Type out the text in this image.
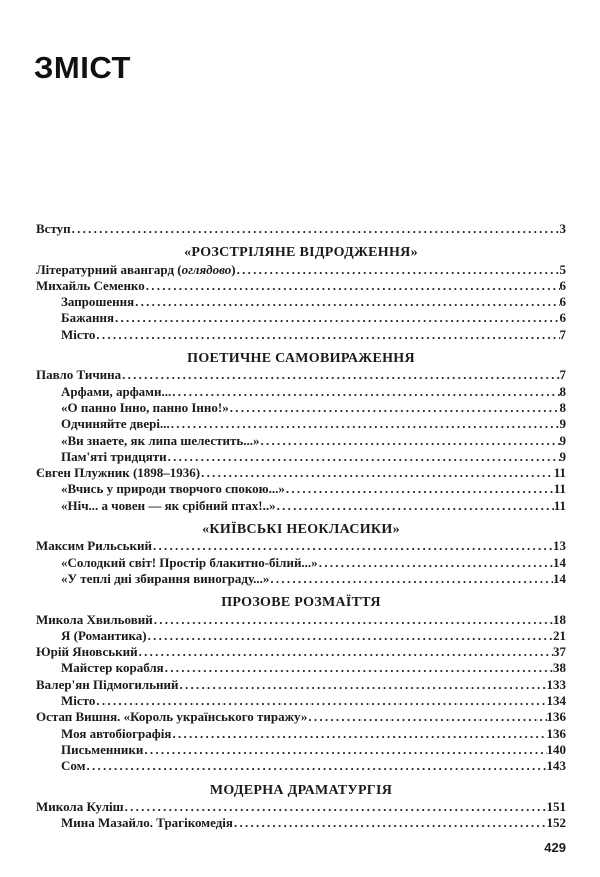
ЗМІСТ
Вступ . . .	3
«РОЗСТРІЛЯНЕ ВІДРОДЖЕННЯ»
Літературний авангард (оглядово) . . .	5
Михайль Семенко . . .	6
Запрошення . . .	6
Бажання . . .	6
Місто . . .	7
ПОЕТИЧНЕ САМОВИРАЖЕННЯ
Павло Тичина . . .	7
Арфами, арфами... . . .	8
«О панно Інно, панно Інно!» . . .	8
Одчиняйте двері... . . .	9
«Ви знаете, як липа шелестить...» . . .	9
Пам'яті тридцяти . . .	9
Євген Плужник (1898–1936) . . .	11
«Вчись у природи творчого спокою...» . . .	11
«Ніч... а човен — як срібний птах!..» . . .	11
«КИЇВСЬКІ НЕОКЛАСИКИ»
Максим Рильський . . .	13
«Солодкий світ! Простір блакитно-білий...» . . .	14
«У теплі дні збирання винограду...» . . .	14
ПРОЗОВЕ РОЗМАЇТТЯ
Микола Хвильовий . . .	18
Я (Романтика) . . .	21
Юрій Яновський . . .	37
Майстер корабля . . .	38
Валер'ян Підмогильний . . .	133
Місто . . .	134
Остап Вишня. «Король українського тиражу» . . .	136
Моя автобіографія . . .	136
Письменники . . .	140
Сом . . .	143
МОДЕРНА ДРАМАТУРГІЯ
Микола Куліш . . .	151
Мина Мазайло. Трагікомедія . . .	152
429
